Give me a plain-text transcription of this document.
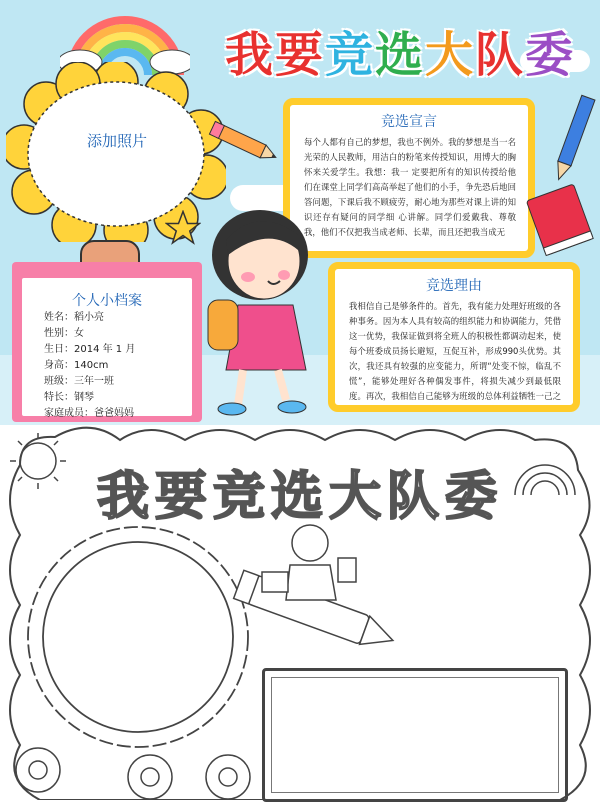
我 要 竞 选 大 队 委
添加照片
竞选宣言
每个人都有自己的梦想，我也不例外。我的梦想是当一名光荣的人民教师，用洁白的粉笔来传授知识，用博大的胸怀来关爱学生。我想：我一 定要把所有的知识传授给他们在课堂上同学们高高举起了他们的小手，争先恐后地回答问题，下课后我不顾疲劳，耐心地为那些对课上讲的知识还存有疑问的同学细 心讲解。同学们爱戴我、尊敬我，他们不仅把我当成老师、长辈，而且还把我当成无
个人小档案
姓名：稻小亮
性别：女
生日：2014 年 1 月
身高：140cm
班级：三年一班
特长：钢琴
家庭成员：爸爸妈妈
竞选理由
我相信自己是够条件的。首先，我有能力处理好班级的各种事务。因为本人具有较高的组织能力和协调能力，凭借这一优势，我保证做到将全班人的积极性都调动起来，使每个班委成员扬长避短，互促互补，形成990头优势。其次，我还具有较强的应变能力，所谓“处变不惊，临乱不慌”，能够处理好各种偶发事件，将损失减少到最低限度。再次，我相信自己能够为班级的总体利益牺牲一己之私。
我要竞选大队委
